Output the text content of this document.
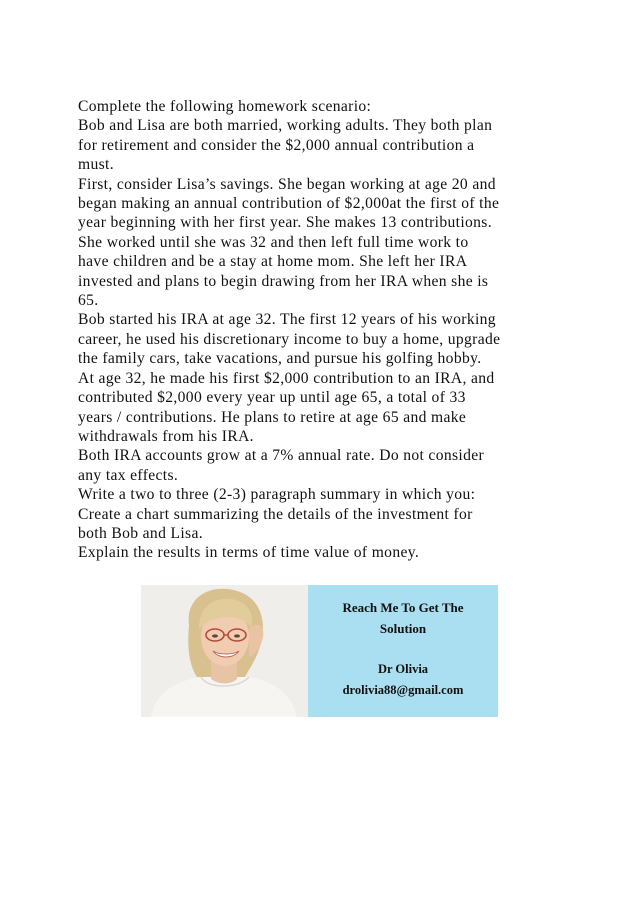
Complete the following homework scenario:
Bob and Lisa are both married, working adults. They both plan
for retirement and consider the $2,000 annual contribution a
must.
First, consider Lisa’s savings. She began working at age 20 and
began making an annual contribution of $2,000at the first of the
year beginning with her first year. She makes 13 contributions.
She worked until she was 32 and then left full time work to
have children and be a stay at home mom. She left her IRA
invested and plans to begin drawing from her IRA when she is
65.
Bob started his IRA at age 32. The first 12 years of his working
career, he used his discretionary income to buy a home, upgrade
the family cars, take vacations, and pursue his golfing hobby.
At age 32, he made his first $2,000 contribution to an IRA, and
contributed $2,000 every year up until age 65, a total of 33
years / contributions. He plans to retire at age 65 and make
withdrawals from his IRA.
Both IRA accounts grow at a 7% annual rate. Do not consider
any tax effects.
Write a two to three (2-3) paragraph summary in which you:
Create a chart summarizing the details of the investment for
both Bob and Lisa.
Explain the results in terms of time value of money.
Reach Me To Get The
Solution
Dr Olivia
drolivia88@gmail.com
